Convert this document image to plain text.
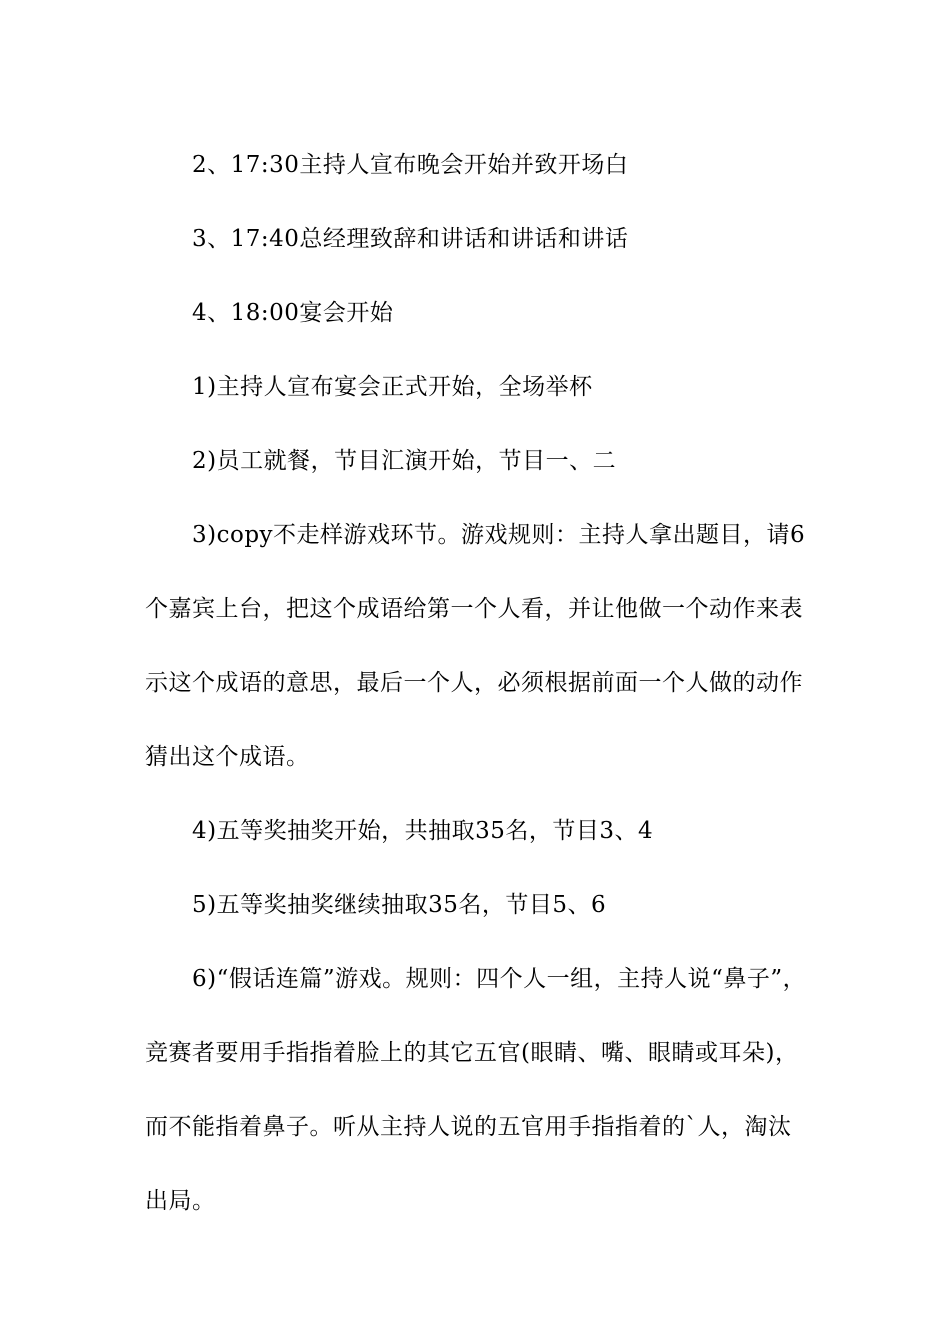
2、17:30主持人宣布晚会开始并致开场白

3、17:40总经理致辞和讲话和讲话和讲话

4、18:00宴会开始

1)主持人宣布宴会正式开始，全场举杯

2)员工就餐，节目汇演开始，节目一、二

3)copy不走样游戏环节。游戏规则：主持人拿出题目，请6个嘉宾上台，把这个成语给第一个人看，并让他做一个动作来表示这个成语的意思，最后一个人，必须根据前面一个人做的动作猜出这个成语。

4)五等奖抽奖开始，共抽取35名，节目3、4

5)五等奖抽奖继续抽取35名，节目5、6

6)“假话连篇”游戏。规则：四个人一组，主持人说“鼻子”，竞赛者要用手指指着脸上的其它五官(眼睛、嘴、眼睛或耳朵)，而不能指着鼻子。听从主持人说的五官用手指指着的`人，淘汰出局。
